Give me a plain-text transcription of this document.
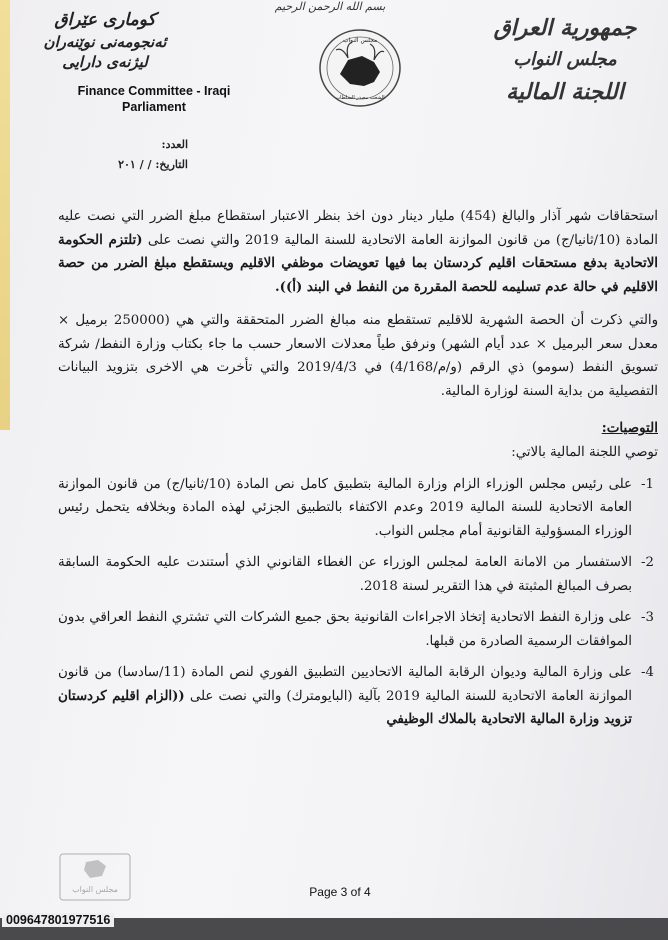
بسم الله الرحمن الرحيم
كوماری عێراق
ئەنجومەنی نوێنەران
لیژنەی دارایی
Finance Committee - Iraqi
Parliament
مجلس النواب
الشعب مصدر السلطات
جمهورية العراق
مجلس النواب
اللجنة المالية
العدد:
التاريخ: / / ٢٠١

استحقاقات شهر آذار والبالغ (454) مليار دينار دون اخذ بنظر الاعتبار استقطاع مبلغ الضرر التي نصت عليه المادة (10/ثانيا/ج) من قانون الموازنة العامة الاتحادية للسنة المالية 2019 والتي نصت على (تلتزم الحكومة الاتحادية بدفع مستحقات اقليم كردستان بما فيها تعويضات موظفي الاقليم ويستقطع مبلغ الضرر من حصة الاقليم في حالة عدم تسليمه للحصة المقررة من النفط في البند (أ)).

والتي ذكرت أن الحصة الشهرية للاقليم تستقطع منه مبالغ الضرر المتحققة والتي هي (250000 برميل × معدل سعر البرميل × عدد أيام الشهر) ونرفق طياً معدلات الاسعار حسب ما جاء بكتاب وزارة النفط/ شركة تسويق النفط (سومو) ذي الرقم (و/م/4/168) في 2019/4/3 والتي تأخرت هي الاخرى بتزويد البيانات التفصيلية من بداية السنة لوزارة المالية.

التوصيات:

توصي اللجنة المالية بالاتي:

1-

على رئيس مجلس الوزراء الزام وزارة المالية بتطبيق كامل نص المادة (10/ثانيا/ج) من قانون الموازنة العامة الاتحادية للسنة المالية 2019 وعدم الاكتفاء بالتطبيق الجزئي لهذه المادة وبخلافه يتحمل رئيس الوزراء المسؤولية القانونية أمام مجلس النواب.

2-

الاستفسار من الامانة العامة لمجلس الوزراء عن الغطاء القانوني الذي أستندت عليه الحكومة السابقة بصرف المبالغ المثبتة في هذا التقرير لسنة 2018.

3-

على وزارة النفط الاتحادية إتخاذ الاجراءات القانونية بحق جميع الشركات التي تشتري النفط العراقي بدون الموافقات الرسمية الصادرة من قبلها.

4-

على وزارة المالية وديوان الرقابة المالية الاتحاديين التطبيق الفوري لنص المادة (11/سادسا) من قانون الموازنة العامة الاتحادية للسنة المالية 2019 بآلية (البايومترك) والتي نصت على ((الزام اقليم كردستان تزويد وزارة المالية الاتحادية بالملاك الوظيفي

مجلس النواب	Page 3 of 4
009647801977516
